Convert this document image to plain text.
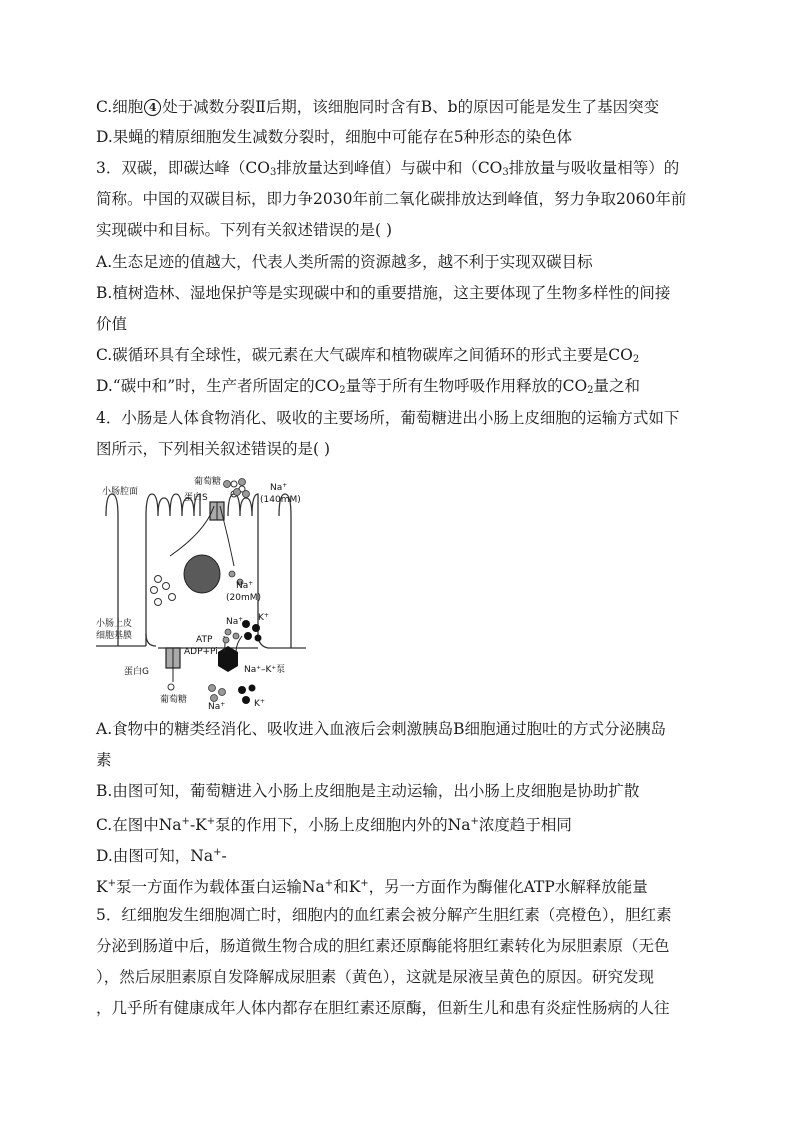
C.细胞 4 处于减数分裂Ⅱ后期，该细胞同时含有B、b的原因可能是发生了基因突变
D.果蝇的精原细胞发生减数分裂时，细胞中可能存在5种形态的染色体
3．双碳，即碳达峰（$CO_3$排放量达到峰值）与碳中和（$CO_3$排放量与吸收量相等）的
简称。中国的双碳目标，即力争2030年前二氧化碳排放达到峰值，努力争取2060年前
实现碳中和目标。下列有关叙述错误的是( )
A.生态足迹的值越大，代表人类所需的资源越多，越不利于实现双碳目标
B.植树造林、湿地保护等是实现碳中和的重要措施，这主要体现了生物多样性的间接
价值
C.碳循环具有全球性，碳元素在大气碳库和植物碳库之间循环的形式主要是$CO_2$
D.“碳中和”时，生产者所固定的$CO_2$量等于所有生物呼吸作用释放的$CO_2$量之和
4．小肠是人体食物消化、吸收的主要场所，葡萄糖进出小肠上皮细胞的运输方式如下
图所示，下列相关叙述错误的是( )
小肠腔面
葡萄糖
蛋白S
Na+
(140mM)
Na+
(20mM)
小肠上皮
细胞基膜
Na+ K+
ATP
ADP+Pi
蛋白G	Na⁺–K⁺泵
葡萄糖
Na+	K+
A.食物中的糖类经消化、吸收进入血液后会刺激胰岛B细胞通过胞吐的方式分泌胰岛
素
B.由图可知，葡萄糖进入小肠上皮细胞是主动运输，出小肠上皮细胞是协助扩散
C.在图中Na+-K+泵的作用下，小肠上皮细胞内外的Na+浓度趋于相同
D.由图可知，Na+-
K+泵一方面作为载体蛋白运输Na+和K+，另一方面作为酶催化ATP水解释放能量
5．红细胞发生细胞凋亡时，细胞内的血红素会被分解产生胆红素（亮橙色），胆红素
分泌到肠道中后，肠道微生物合成的胆红素还原酶能将胆红素转化为尿胆素原（无色
），然后尿胆素原自发降解成尿胆素（黄色），这就是尿液呈黄色的原因。研究发现
，几乎所有健康成年人体内都存在胆红素还原酶，但新生儿和患有炎症性肠病的人往
